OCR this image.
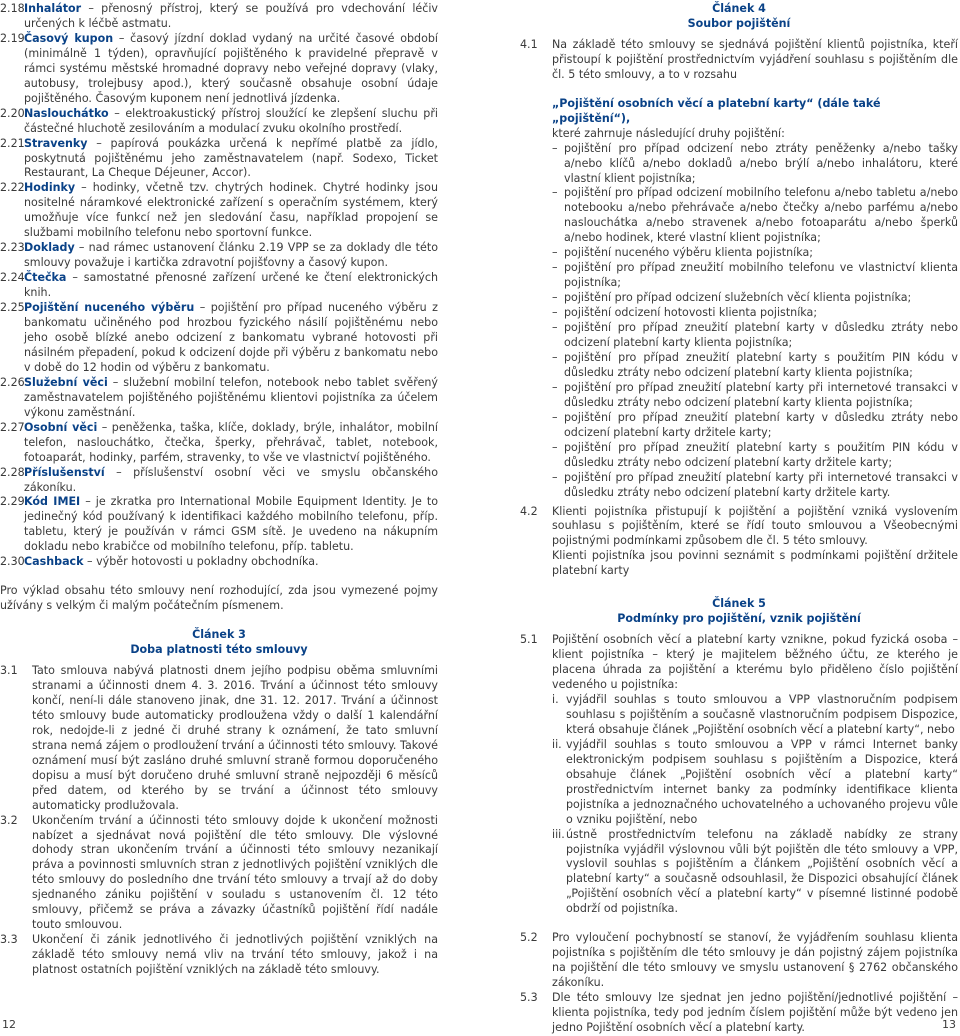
2.18 Inhalátor – přenosný přístroj, který se používá pro vdechování léčiv určených k léčbě astmatu.
2.19 Časový kupon – časový jízdní doklad vydaný na určité časové období (minimálně 1 týden), opravňující pojištěného k pravidelné přepravě v rámci systému městské hromadné dopravy nebo veřejné dopravy (vlaky, autobusy, trolejbusy apod.), který současně obsahuje osobní údaje pojištěného. Časovým kuponem není jednotlivá jízdenka.
2.20 Naslouchátko – elektroakustický přístroj sloužící ke zlepšení sluchu při částečné hluchotě zesilováním a modulací zvuku okolního prostředí.
2.21 Stravenky – papírová poukázka určená k nepřímé platbě za jídlo, poskytnutá pojištěnému jeho zaměstnavatelem (např. Sodexo, Ticket Restaurant, La Cheque Déjeuner, Accor).
2.22 Hodinky – hodinky, včetně tzv. chytrých hodinek. Chytré hodinky jsou nositelné náramkové elektronické zařízení s operačním systémem, který umožňuje více funkcí než jen sledování času, například propojení se službami mobilního telefonu nebo sportovní funkce.
2.23 Doklady – nad rámec ustanovení článku 2.19 VPP se za doklady dle této smlouvy považuje i kartička zdravotní pojišťovny a časový kupon.
2.24 Čtečka – samostatné přenosné zařízení určené ke čtení elektronických knih.
2.25 Pojištění nuceného výběru – pojištění pro případ nuceného výběru z bankomatu učiněného pod hrozbou fyzického násilí pojištěnému nebo jeho osobě blízké anebo odcizení z bankomatu vybrané hotovosti při násilném přepadení, pokud k odcizení dojde při výběru z bankomatu nebo v době do 12 hodin od výběru z bankomatu.
2.26 Služební věci – služební mobilní telefon, notebook nebo tablet svěřený zaměstnavatelem pojištěného pojištěnému klientovi pojistníka za účelem výkonu zaměstnání.
2.27 Osobní věci – peněženka, taška, klíče, doklady, brýle, inhalátor, mobilní telefon, naslouchátko, čtečka, šperky, přehrávač, tablet, notebook, fotoaparát, hodinky, parfém, stravenky, to vše ve vlastnictví pojištěného.
2.28 Příslušenství – příslušenství osobní věci ve smyslu občanského zákoníku.
2.29 Kód IMEI – je zkratka pro International Mobile Equipment Identity. Je to jedinečný kód používaný k identifikaci každého mobilního telefonu, příp. tabletu, který je používán v rámci GSM sítě. Je uvedeno na nákupním dokladu nebo krabičce od mobilního telefonu, příp. tabletu.
2.30 Cashback – výběr hotovosti u pokladny obchodníka.

Pro výklad obsahu této smlouvy není rozhodující, zda jsou vymezené pojmy užívány s velkým či malým počátečním písmenem.

Článek 3
Doba platnosti této smlouvy
3.1	Tato smlouva nabývá platnosti dnem jejího podpisu oběma smluvními stranami a účinnosti dnem 4. 3. 2016. Trvání a účinnost této smlouvy končí, není-li dále stanoveno jinak, dne 31. 12. 2017. Trvání a účinnost této smlouvy bude automaticky prodloužena vždy o další 1 kalendářní rok, nedojde-li z jedné či druhé strany k oznámení, že tato smluvní strana nemá zájem o prodloužení trvání a účinnosti této smlouvy. Takové oznámení musí být zasláno druhé smluvní straně formou doporučeného dopisu a musí být doručeno druhé smluvní straně nejpozději 6 měsíců před datem, od kterého by se trvání a účinnost této smlouvy automaticky prodlužovala.
3.2	Ukončením trvání a účinnosti této smlouvy dojde k ukončení možnosti nabízet a sjednávat nová pojištění dle této smlouvy. Dle výslovné dohody stran ukončením trvání a účinnosti této smlouvy nezanikají práva a povinnosti smluvních stran z jednotlivých pojištění vzniklých dle této smlouvy do posledního dne trvání této smlouvy a trvají až do doby sjednaného zániku pojištění v souladu s ustanovením čl. 12 této smlouvy, přičemž se práva a závazky účastníků pojištění řídí nadále touto smlouvou.
3.3	Ukončení či zánik jednotlivého či jednotlivých pojištění vzniklých na základě této smlouvy nemá vliv na trvání této smlouvy, jakož i na platnost ostatních pojištění vzniklých na základě této smlouvy.
Článek 4
Soubor pojištění
4.1	Na základě této smlouvy se sjednává pojištění klientů pojistníka, kteří přistoupí k pojištění prostřednictvím vyjádření souhlasu s pojištěním dle čl. 5 této smlouvy, a to v rozsahu
„Pojištění osobních věcí a platební karty“ (dále také „pojištění“),
které zahrnuje následující druhy pojištění:
– pojištění pro případ odcizení nebo ztráty peněženky a/nebo tašky a/nebo klíčů a/nebo dokladů a/nebo brýlí a/nebo inhalátoru, které vlastní klient pojistníka;
– pojištění pro případ odcizení mobilního telefonu a/nebo tabletu a/nebo notebooku a/nebo přehrávače a/nebo čtečky a/nebo parfému a/nebo naslouchátka a/nebo stravenek a/nebo fotoaparátu a/nebo šperků a/nebo hodinek, které vlastní klient pojistníka;
– pojištění nuceného výběru klienta pojistníka;
– pojištění pro případ zneužití mobilního telefonu ve vlastnictví klienta pojistníka;
– pojištění pro případ odcizení služebních věcí klienta pojistníka;
– pojištění odcizení hotovosti klienta pojistníka;
– pojištění pro případ zneužití platební karty v důsledku ztráty nebo odcizení platební karty klienta pojistníka;
– pojištění pro případ zneužití platební karty s použitím PIN kódu v důsledku ztráty nebo odcizení platební karty klienta pojistníka;
– pojištění pro případ zneužití platební karty při internetové transakci v důsledku ztráty nebo odcizení platební karty klienta pojistníka;
– pojištění pro případ zneužití platební karty v důsledku ztráty nebo odcizení platební karty držitele karty;
– pojištění pro případ zneužití platební karty s použitím PIN kódu v důsledku ztráty nebo odcizení platební karty držitele karty;
– pojištění pro případ zneužití platební karty při internetové transakci v důsledku ztráty nebo odcizení platební karty držitele karty.
4.2	Klienti pojistníka přistupují k pojištění a pojištění vzniká vyslovením souhlasu s pojištěním, které se řídí touto smlouvou a Všeobecnými pojistnými podmínkami způsobem dle čl. 5 této smlouvy.
Klienti pojistníka jsou povinni seznámit s podmínkami pojištění držitele platební karty
Článek 5
Podmínky pro pojištění, vznik pojištění
5.1	Pojištění osobních věcí a platební karty vznikne, pokud fyzická osoba – klient pojistníka – který je majitelem běžného účtu, ze kterého je placena úhrada za pojištění a kterému bylo přiděleno číslo pojištění vedeného u pojistníka:
i. vyjádřil souhlas s touto smlouvou a VPP vlastnoručním podpisem souhlasu s pojištěním a současně vlastnoručním podpisem Dispozice, která obsahuje článek „Pojištění osobních věcí a platební karty“, nebo
ii. vyjádřil souhlas s touto smlouvou a VPP v rámci Internet banky elektronickým podpisem souhlasu s pojištěním a Dispozice, která obsahuje článek „Pojištění osobních věcí a platební karty“ prostřednictvím internet banky za podmínky identifikace klienta pojistníka a jednoznačného uchovatelného a uchovaného projevu vůle o vzniku pojištění, nebo
iii. ústně prostřednictvím telefonu na základě nabídky ze strany pojistníka vyjádřil výslovnou vůli být pojištěn dle této smlouvy a VPP, vyslovil souhlas s pojištěním a článkem „Pojištění osobních věcí a platební karty“ a současně odsouhlasil, že Dispozici obsahující článek „Pojištění osobních věcí a platební karty“ v písemné listinné podobě obdrží od pojistníka.
5.2	Pro vyloučení pochybností se stanoví, že vyjádřením souhlasu klienta pojistníka s pojištěním dle této smlouvy je dán pojistný zájem pojistníka na pojištění dle této smlouvy ve smyslu ustanovení § 2762 občanského zákoníku.
5.3	Dle této smlouvy lze sjednat jen jedno pojištění/jednotlivé pojištění – klienta pojistníka, tedy pod jedním číslem pojištění může být vedeno jen jedno Pojištění osobních věcí a platební karty.
12	13
